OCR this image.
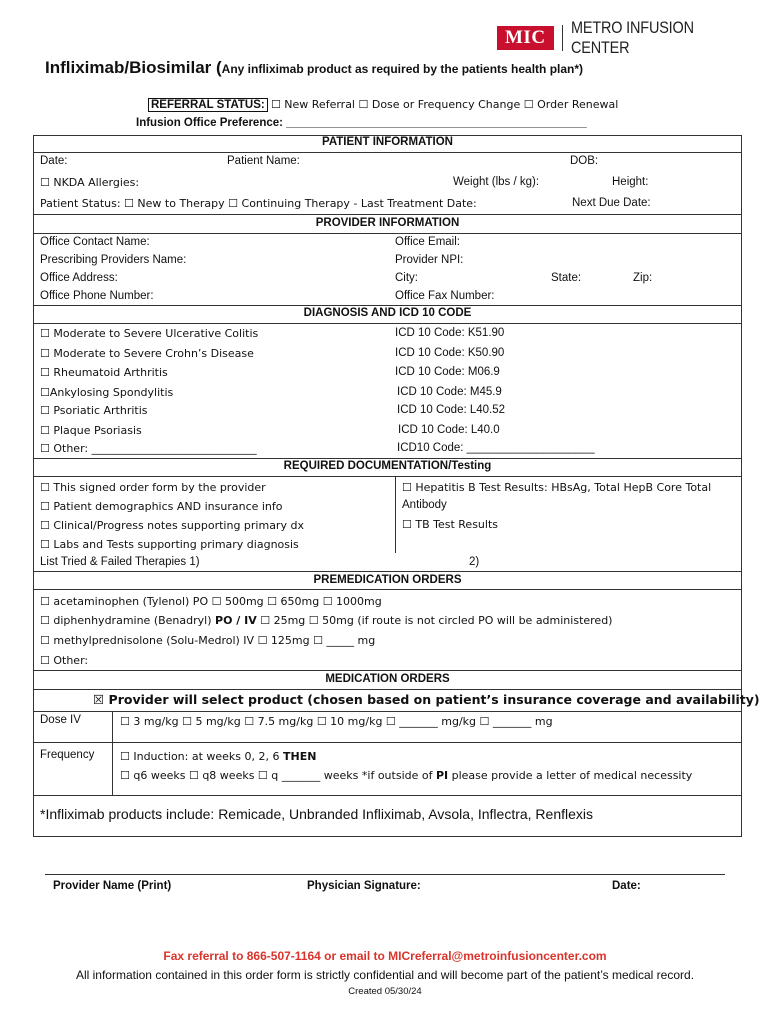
MIC	METRO INFUSION CENTER
Infliximab/Biosimilar (Any infliximab product as required by the patients health plan*)
REFERRAL STATUS: ☐ New Referral ☐ Dose or Frequency Change ☐ Order Renewal
Infusion Office Preference: _______________________________________________
PATIENT INFORMATION
Date:	Patient Name:	DOB:
☐ NKDA Allergies:	Weight (lbs / kg):	Height:
Patient Status: ☐ New to Therapy ☐ Continuing Therapy - Last Treatment Date:	Next Due Date:
PROVIDER INFORMATION
Office Contact Name:	Office Email:
Prescribing Providers Name:	Provider NPI:
Office Address:	City:	State:	Zip:
Office Phone Number:	Office Fax Number:
DIAGNOSIS AND ICD 10 CODE
☐ Moderate to Severe Ulcerative Colitis	ICD 10 Code: K51.90
☐ Moderate to Severe Crohn’s Disease	ICD 10 Code: K50.90
☐ Rheumatoid Arthritis	ICD 10 Code: M06.9
☐Ankylosing Spondylitis	ICD 10 Code: M45.9
☐ Psoriatic Arthritis	ICD 10 Code: L40.52
☐ Plaque Psoriasis	ICD 10 Code: L40.0
☐ Other: ______________________________	ICD10 Code: ____________________
REQUIRED DOCUMENTATION/Testing
☐ This signed order form by the provider
☐ Patient demographics AND insurance info
☐ Clinical/Progress notes supporting primary dx
☐ Labs and Tests supporting primary diagnosis
☐ Hepatitis B Test Results: HBsAg, Total HepB Core Total
Antibody
☐ TB Test Results
List Tried & Failed Therapies 1)	2)
PREMEDICATION ORDERS
☐ acetaminophen (Tylenol) PO ☐ 500mg ☐ 650mg ☐ 1000mg
☐ diphenhydramine (Benadryl) PO / IV ☐ 25mg ☐ 50mg (if route is not circled PO will be administered)
☐ methylprednisolone (Solu-Medrol) IV ☐ 125mg ☐ _____ mg
☐ Other:
MEDICATION ORDERS
☒ Provider will select product (chosen based on patient’s insurance coverage and availability)
Dose IV	☐ 3 mg/kg ☐ 5 mg/kg ☐ 7.5 mg/kg ☐ 10 mg/kg ☐ _______ mg/kg ☐ _______ mg
Frequency ☐ Induction: at weeks 0, 2, 6 THEN
☐ q6 weeks ☐ q8 weeks ☐ q _______ weeks *if outside of PI please provide a letter of medical necessity
*Infliximab products include: Remicade, Unbranded Infliximab, Avsola, Inflectra, Renflexis
Provider Name (Print)	Physician Signature:	Date:
Fax referral to 866-507-1164 or email to MICreferral@metroinfusioncenter.com
All information contained in this order form is strictly confidential and will become part of the patient’s medical record.
Created 05/30/24
